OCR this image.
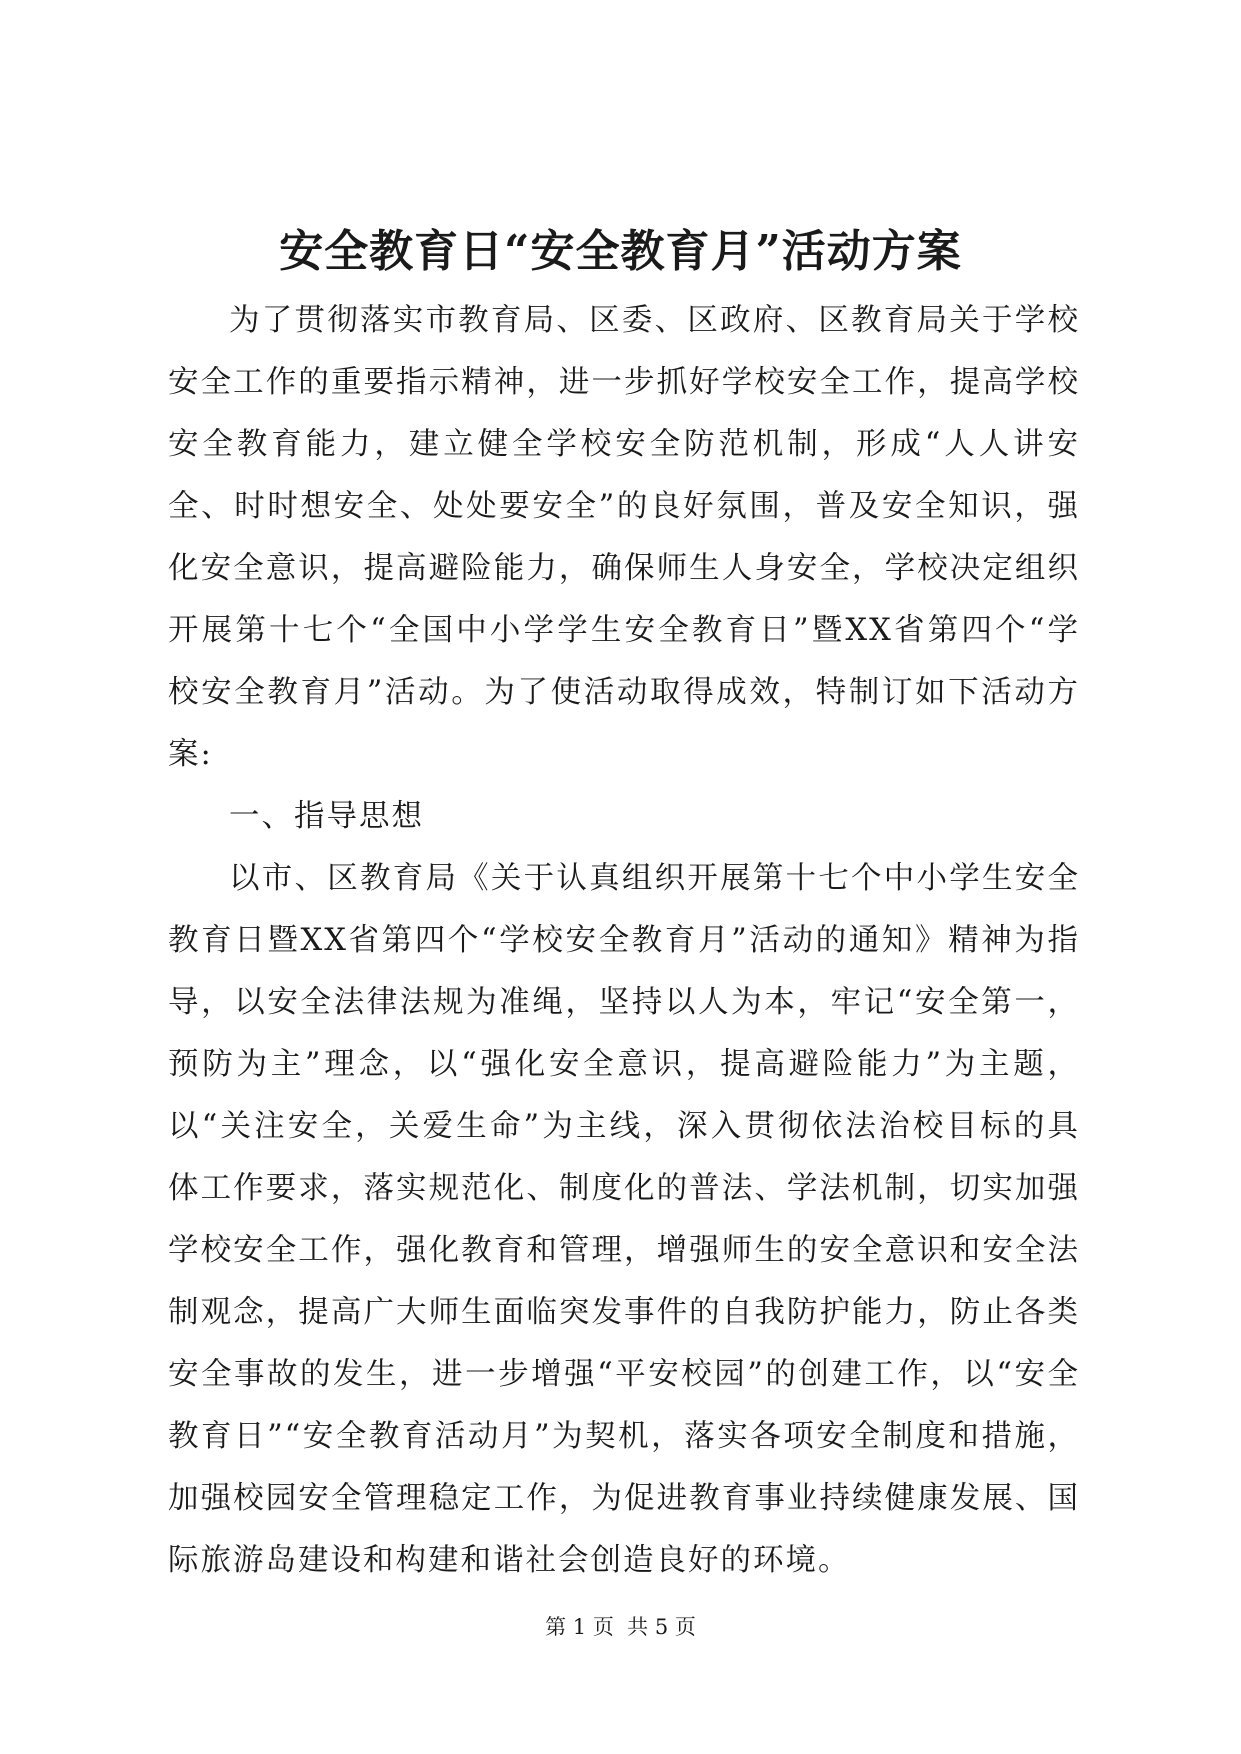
安全教育日“安全教育月”活动方案

为了贯彻落实市教育局、区委、区政府、区教育局关于学校安全工作的重要指示精神，进一步抓好学校安全工作，提高学校安全教育能力，建立健全学校安全防范机制，形成“人人讲安全、时时想安全、处处要安全”的良好氛围，普及安全知识，强化安全意识，提高避险能力，确保师生人身安全，学校决定组织开展第十七个“全国中小学学生安全教育日”暨XX省第四个“学校安全教育月”活动。为了使活动取得成效，特制订如下活动方案:

一、指导思想

以市、区教育局《关于认真组织开展第十七个中小学生安全教育日暨XX省第四个“学校安全教育月”活动的通知》精神为指导，以安全法律法规为准绳，坚持以人为本，牢记“安全第一，预防为主”理念，以“强化安全意识，提高避险能力”为主题，以“关注安全，关爱生命”为主线，深入贯彻依法治校目标的具体工作要求，落实规范化、制度化的普法、学法机制，切实加强学校安全工作，强化教育和管理，增强师生的安全意识和安全法制观念，提高广大师生面临突发事件的自我防护能力，防止各类安全事故的发生，进一步增强“平安校园”的创建工作，以“安全教育日”“安全教育活动月”为契机，落实各项安全制度和措施，加强校园安全管理稳定工作，为促进教育事业持续健康发展、国际旅游岛建设和构建和谐社会创造良好的环境。

第 1 页  共 5 页
